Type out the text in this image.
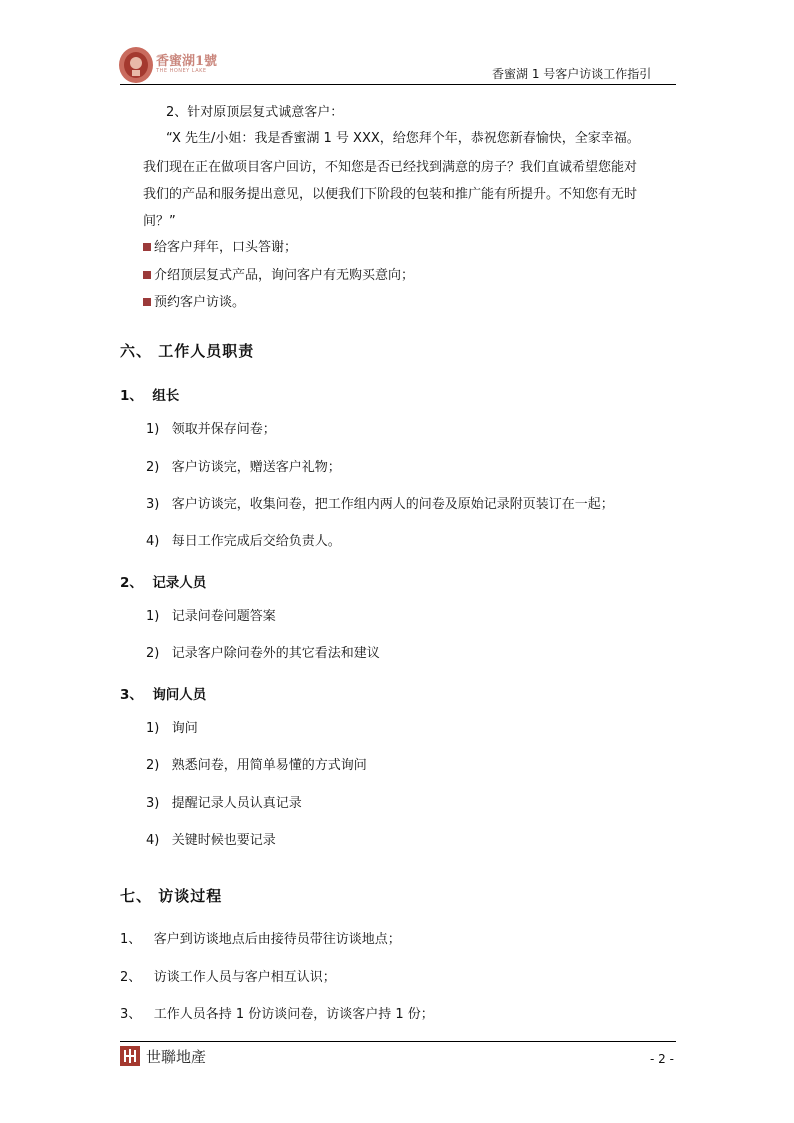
香蜜湖1號
THE HONEY LAKE	香蜜湖 1 号客户访谈工作指引
2、针对原顶层复式诚意客户：
“X 先生/小姐：我是香蜜湖 1 号 XXX，给您拜个年，恭祝您新春愉快，全家幸福。
我们现在正在做项目客户回访，不知您是否已经找到满意的房子？我们直诚希望您能对
我们的产品和服务提出意见，以便我们下阶段的包装和推广能有所提升。不知您有无时
间？”
给客户拜年，口头答谢；
介绍顶层复式产品，询问客户有无购买意向；
预约客户访谈。
六、 工作人员职责
1、 组长
1) 领取并保存问卷；
2) 客户访谈完，赠送客户礼物；
3) 客户访谈完，收集问卷，把工作组内两人的问卷及原始记录附页装订在一起；
4) 每日工作完成后交给负责人。
2、 记录人员
1) 记录问卷问题答案
2) 记录客户除问卷外的其它看法和建议
3、 询问人员
1) 询问
2) 熟悉问卷，用简单易懂的方式询问
3) 提醒记录人员认真记录
4) 关键时候也要记录
七、 访谈过程
1、 客户到访谈地点后由接待员带往访谈地点；
2、 访谈工作人员与客户相互认识；
3、 工作人员各持 1 份访谈问卷，访谈客户持 1 份；
世聯地產	- 2 -
